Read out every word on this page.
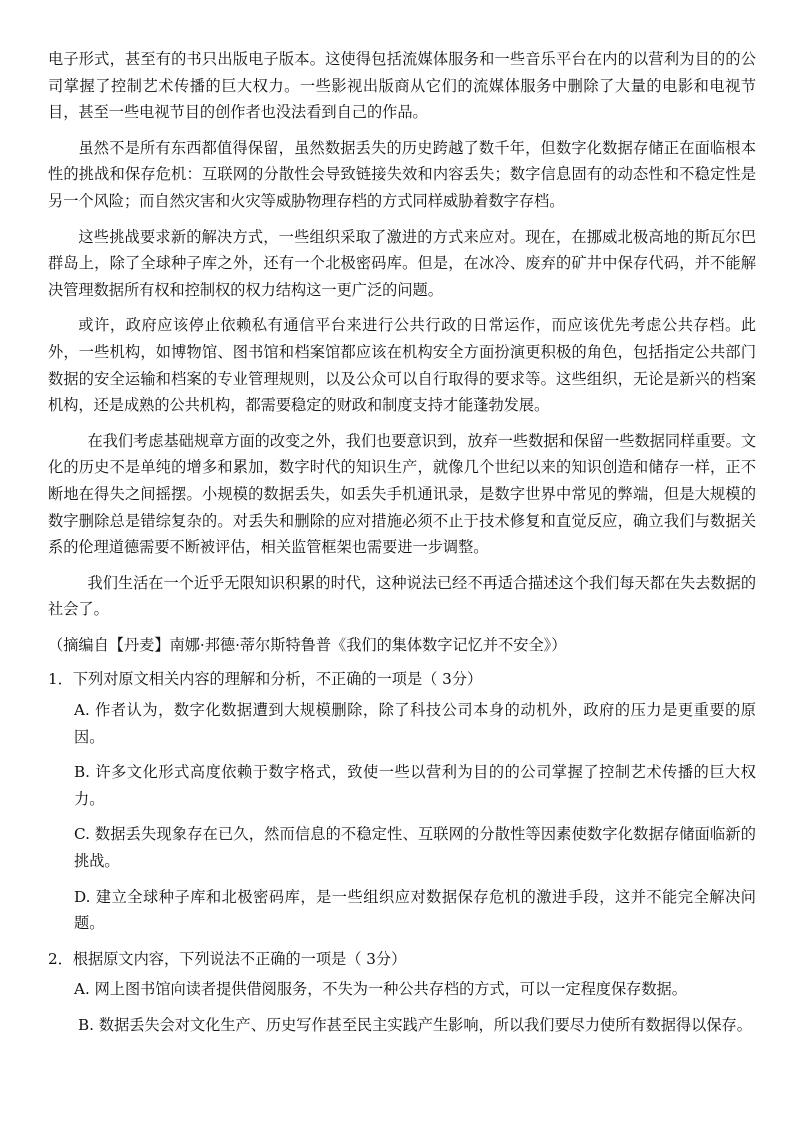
电子形式，甚至有的书只出版电子版本。这使得包括流媒体服务和一些音乐平台在内的以营利为目的的公司掌握了控制艺术传播的巨大权力。一些影视出版商从它们的流媒体服务中删除了大量的电影和电视节目，甚至一些电视节目的创作者也没法看到自己的作品。

虽然不是所有东西都值得保留，虽然数据丢失的历史跨越了数千年，但数字化数据存储正在面临根本性的挑战和保存危机：互联网的分散性会导致链接失效和内容丢失；数字信息固有的动态性和不稳定性是另一个风险；而自然灾害和火灾等威胁物理存档的方式同样威胁着数字存档。

这些挑战要求新的解决方式，一些组织采取了激进的方式来应对。现在，在挪威北极高地的斯瓦尔巴群岛上，除了全球种子库之外，还有一个北极密码库。但是，在冰冷、废弃的矿井中保存代码，并不能解决管理数据所有权和控制权的权力结构这一更广泛的问题。

或许，政府应该停止依赖私有通信平台来进行公共行政的日常运作，而应该优先考虑公共存档。此外，一些机构，如博物馆、图书馆和档案馆都应该在机构安全方面扮演更积极的角色，包括指定公共部门数据的安全运输和档案的专业管理规则，以及公众可以自行取得的要求等。这些组织，无论是新兴的档案机构，还是成熟的公共机构，都需要稳定的财政和制度支持才能蓬勃发展。

在我们考虑基础规章方面的改变之外，我们也要意识到，放弃一些数据和保留一些数据同样重要。文化的历史不是单纯的增多和累加，数字时代的知识生产，就像几个世纪以来的知识创造和储存一样，正不断地在得失之间摇摆。小规模的数据丢失，如丢失手机通讯录，是数字世界中常见的弊端，但是大规模的数字删除总是错综复杂的。对丢失和删除的应对措施必须不止于技术修复和直觉反应，确立我们与数据关系的伦理道德需要不断被评估，相关监管框架也需要进一步调整。

我们生活在一个近乎无限知识积累的时代，这种说法已经不再适合描述这个我们每天都在失去数据的社会了。

（摘编自【丹麦】南娜·邦德·蒂尔斯特鲁普《我们的集体数字记忆并不安全》）

1．下列对原文相关内容的理解和分析，不正确的一项是（ 3分）

A. 作者认为，数字化数据遭到大规模删除，除了科技公司本身的动机外，政府的压力是更重要的原因。

B. 许多文化形式高度依赖于数字格式，致使一些以营利为目的的公司掌握了控制艺术传播的巨大权力。

C. 数据丢失现象存在已久，然而信息的不稳定性、互联网的分散性等因素使数字化数据存储面临新的挑战。

D. 建立全球种子库和北极密码库，是一些组织应对数据保存危机的激进手段，这并不能完全解决问题。

2．根据原文内容，下列说法不正确的一项是（ 3分）

A. 网上图书馆向读者提供借阅服务，不失为一种公共存档的方式，可以一定程度保存数据。

B. 数据丢失会对文化生产、历史写作甚至民主实践产生影响，所以我们要尽力使所有数据得以保存。
